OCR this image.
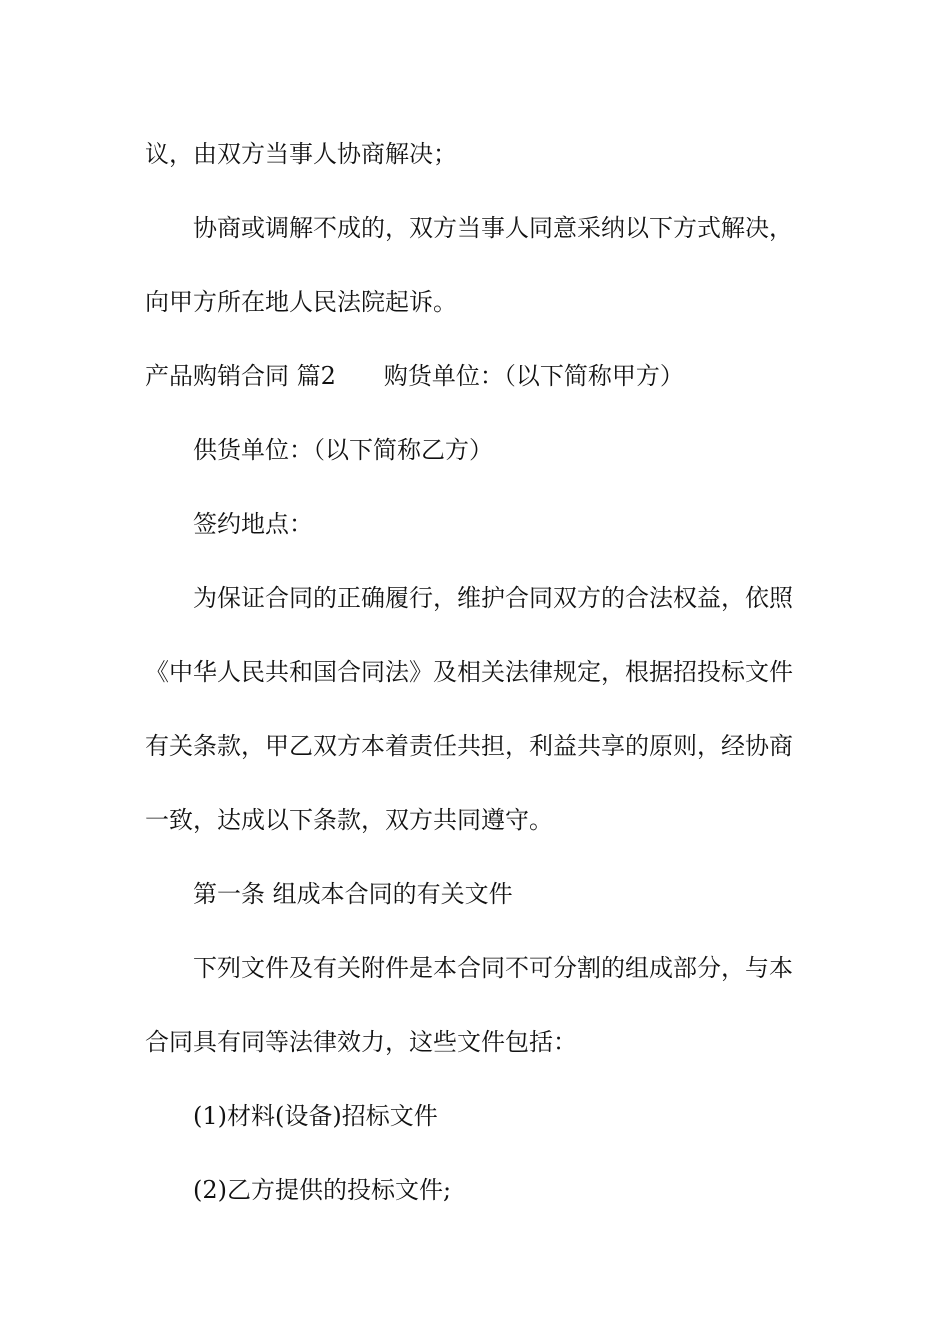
议，由双方当事人协商解决；
协商或调解不成的，双方当事人同意采纳以下方式解决，
向甲方所在地人民法院起诉。
产品购销合同 篇2 购货单位：（以下简称甲方）
供货单位：（以下简称乙方）
签约地点：
为保证合同的正确履行，维护合同双方的合法权益，依照
《中华人民共和国合同法》及相关法律规定，根据招投标文件
有关条款，甲乙双方本着责任共担，利益共享的原则，经协商
一致，达成以下条款，双方共同遵守。
第一条 组成本合同的有关文件
下列文件及有关附件是本合同不可分割的组成部分，与本
合同具有同等法律效力，这些文件包括：
(1)材料(设备)招标文件
(2)乙方提供的投标文件;
